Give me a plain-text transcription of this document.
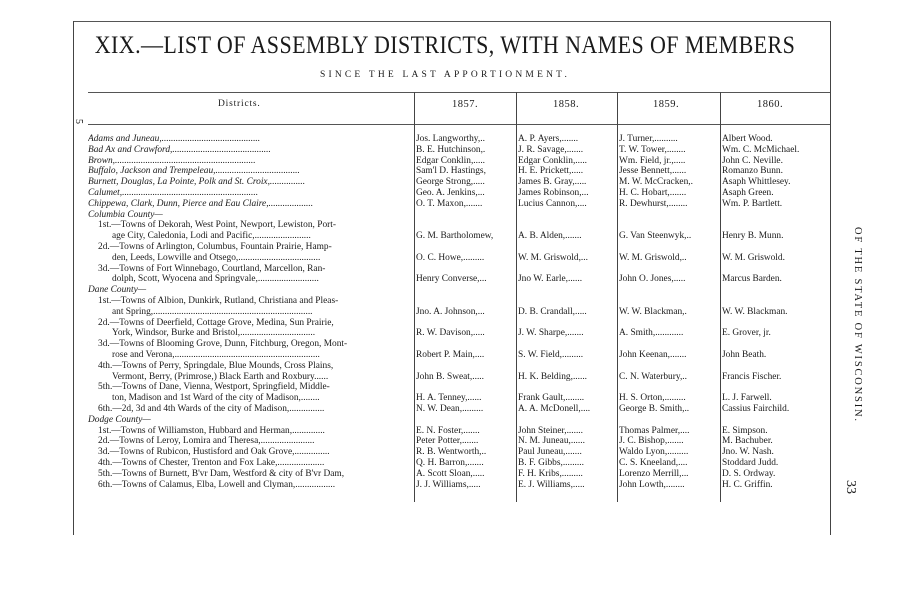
XIX.—LIST OF ASSEMBLY DISTRICTS, WITH NAMES OF MEMBERS
SINCE THE LAST APPORTIONMENT.
Districts.	1857.	1858.	1859.	1860.
5
Adams and Juneau,..........................................	Jos. Langworthy,..	A. P. Ayers,.......	J. Turner,..........	Albert Wood.
Bad Ax and Crawford,..........................................	B. E. Hutchinson,.	J. R. Savage,.......	T. W. Tower,........	Wm. C. McMichael.
Brown,............................................................	Edgar Conklin,.....	Edgar Conklin,.....	Wm. Field, jr.,.....	John C. Neville.
Buffalo, Jackson and Trempeleau,....................................	Sam'l D. Hastings,	H. E. Prickett,.....	Jesse Bennett,......	Romanzo Bunn.
Burnett, Douglas, La Pointe, Polk and St. Croix,...............	George Strong,.....	James B. Gray,.....	M. W. McCracken,.	Asaph Whittlesey.
Calumet,..........................................................	Geo. A. Jenkins,...	James Robinson,...	H. C. Hobart,.......	Asaph Green.
Chippewa, Clark, Dunn, Pierce and Eau Claire,...................	O. T. Maxon,.......	Lucius Cannon,....	R. Dewhurst,........	Wm. P. Bartlett.
Columbia County—
1st.—Towns of Dekorah, West Point, Newport, Lewiston, Port-
age City, Caledonia, Lodi and Pacific,........................	G. M. Bartholomew,	A. B. Alden,.......	G. Van Steenwyk,..	Henry B. Munn.
2d.—Towns of Arlington, Columbus, Fountain Prairie, Hamp-
den, Leeds, Lowville and Otsego,...................................	O. C. Howe,.........	W. M. Griswold,...	W. M. Griswold,..	W. M. Griswold.
3d.—Towns of Fort Winnebago, Courtland, Marcellon, Ran-
dolph, Scott, Wyocena and Springvale,..........................	Henry Converse,...	Jno W. Earle,......	John O. Jones,.....	Marcus Barden.
Dane County—
1st.—Towns of Albion, Dunkirk, Rutland, Christiana and Pleas-
ant Spring,....................................................................	Jno. A. Johnson,...	D. B. Crandall,.....	W. W. Blackman,.	W. W. Blackman.
2d.—Towns of Deerfield, Cottage Grove, Medina, Sun Prairie,
York, Windsor, Burke and Bristol,................................	R. W. Davison,.....	J. W. Sharpe,.......	A. Smith,............	E. Grover, jr.
3d.—Towns of Blooming Grove, Dunn, Fitchburg, Oregon, Mont-
rose and Verona,..............................................................	Robert P. Main,....	S. W. Field,.........	John Keenan,.......	John Beath.
4th.—Towns of Perry, Springdale, Blue Mounds, Cross Plains,
Vermont, Berry, (Primrose,) Black Earth and Roxbury......	John B. Sweat,.....	H. K. Belding,......	C. N. Waterbury,..	Francis Fischer.
5th.—Towns of Dane, Vienna, Westport, Springfield, Middle-
ton, Madison and 1st Ward of the city of Madison,........	H. A. Tenney,......	Frank Gault,........	H. S. Orton,.........	L. J. Farwell.
6th.—2d, 3d and 4th Wards of the city of Madison,...............	N. W. Dean,.........	A. A. McDonell,....	George B. Smith,..	Cassius Fairchild.
Dodge County—
1st.—Towns of Williamston, Hubbard and Herman,..............	E. N. Foster,.......	John Steiner,.......	Thomas Palmer,....	E. Simpson.
2d.—Towns of Leroy, Lomira and Theresa,.......................	Peter Potter,.......	N. M. Juneau,......	J. C. Bishop,.......	M. Bachuber.
3d.—Towns of Rubicon, Hustisford and Oak Grove,...............	R. B. Wentworth,..	Paul Juneau,.......	Waldo Lyon,.........	Jno. W. Nash.
4th.—Towns of Chester, Trenton and Fox Lake,....................	Q. H. Barron,.......	B. F. Gibbs,.........	C. S. Kneeland,....	Stoddard Judd.
5th.—Towns of Burnett, B'vr Dam, Westford & city of B'vr Dam,	A. Scott Sloan,.....	F. H. Kribs,.........	Lorenzo Merrill,...	D. S. Ordway.
6th.—Towns of Calamus, Elba, Lowell and Clyman,.................	J. J. Williams,.....	E. J. Williams,.....	John Lowth,........	H. C. Griffin.
OF THE STATE OF WISCONSIN.
33
